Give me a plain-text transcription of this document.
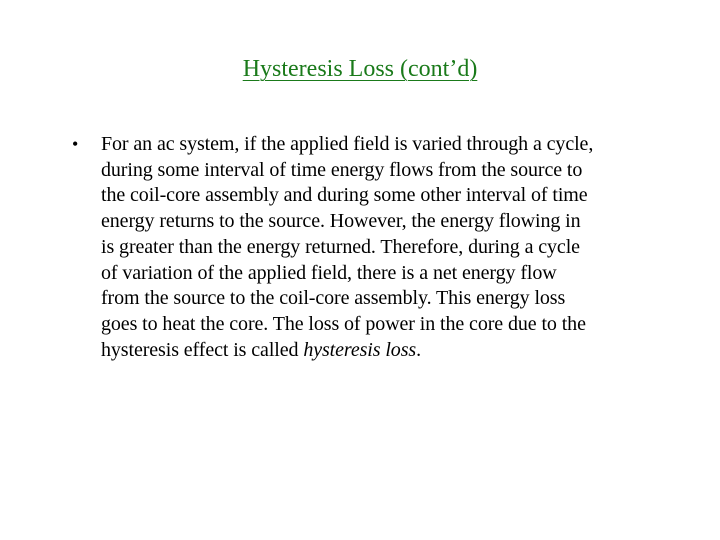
Hysteresis Loss (cont’d)
• For an ac system, if the applied field is varied through a cycle,
during some interval of time energy flows from the source to
the coil-core assembly and during some other interval of time
energy returns to the source. However, the energy flowing in
is greater than the energy returned. Therefore, during a cycle
of variation of the applied field, there is a net energy flow
from the source to the coil-core assembly. This energy loss
goes to heat the core. The loss of power in the core due to the
hysteresis effect is called hysteresis loss.
